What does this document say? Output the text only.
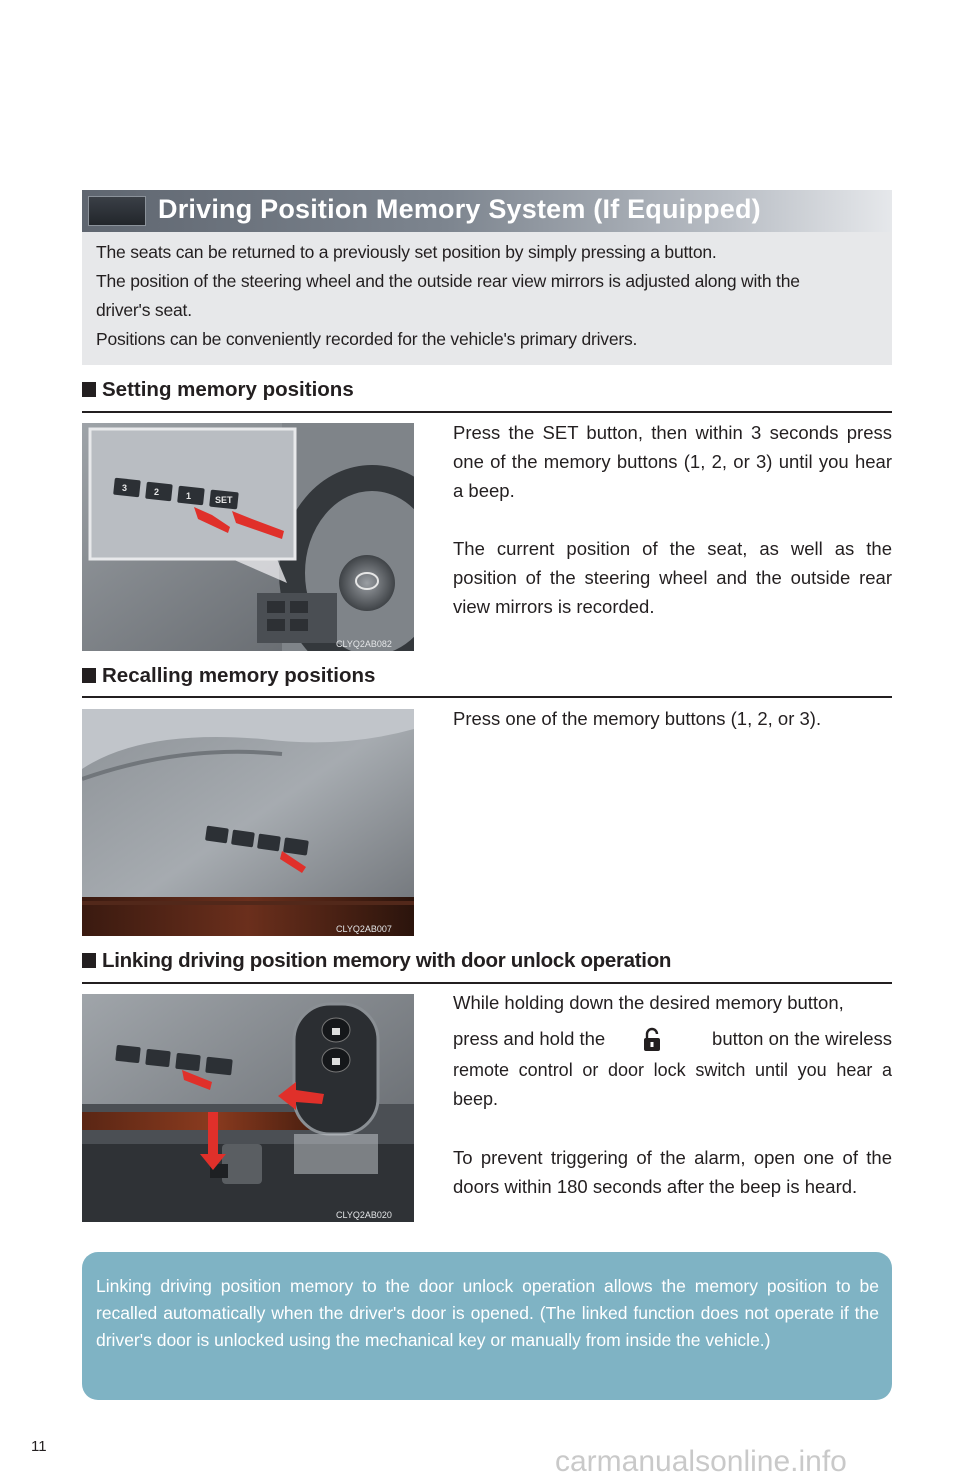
Driving Position Memory System (If Equipped)
The seats can be returned to a previously set position by simply pressing a button.
The position of the steering wheel and the outside rear view mirrors is adjusted along with the
driver's seat.
Positions can be conveniently recorded for the vehicle's primary drivers.
Setting memory positions
3	2	1	SET
CLYQ2AB082

Press the SET button, then within 3 seconds press one of the memory buttons (1, 2, or 3) until you hear a beep.

The current position of the seat, as well as the position of the steering wheel and the outside rear view mirrors is recorded.

Recalling memory positions
CLYQ2AB007

Press one of the memory buttons (1, 2, or 3).

Linking driving position memory with door unlock operation
CLYQ2AB020

While holding down the desired memory button,

press and hold the	button on the wireless

remote control or door lock switch until you hear a beep.

To prevent triggering of the alarm, open one of the doors within 180 seconds after the beep is heard.

Linking driving position memory to the door unlock operation allows the memory position to be recalled automatically when the driver's door is opened. (The linked function does not operate if the driver's door is unlocked using the mechanical key or manually from inside the vehicle.)
11	carmanualsonline.info
